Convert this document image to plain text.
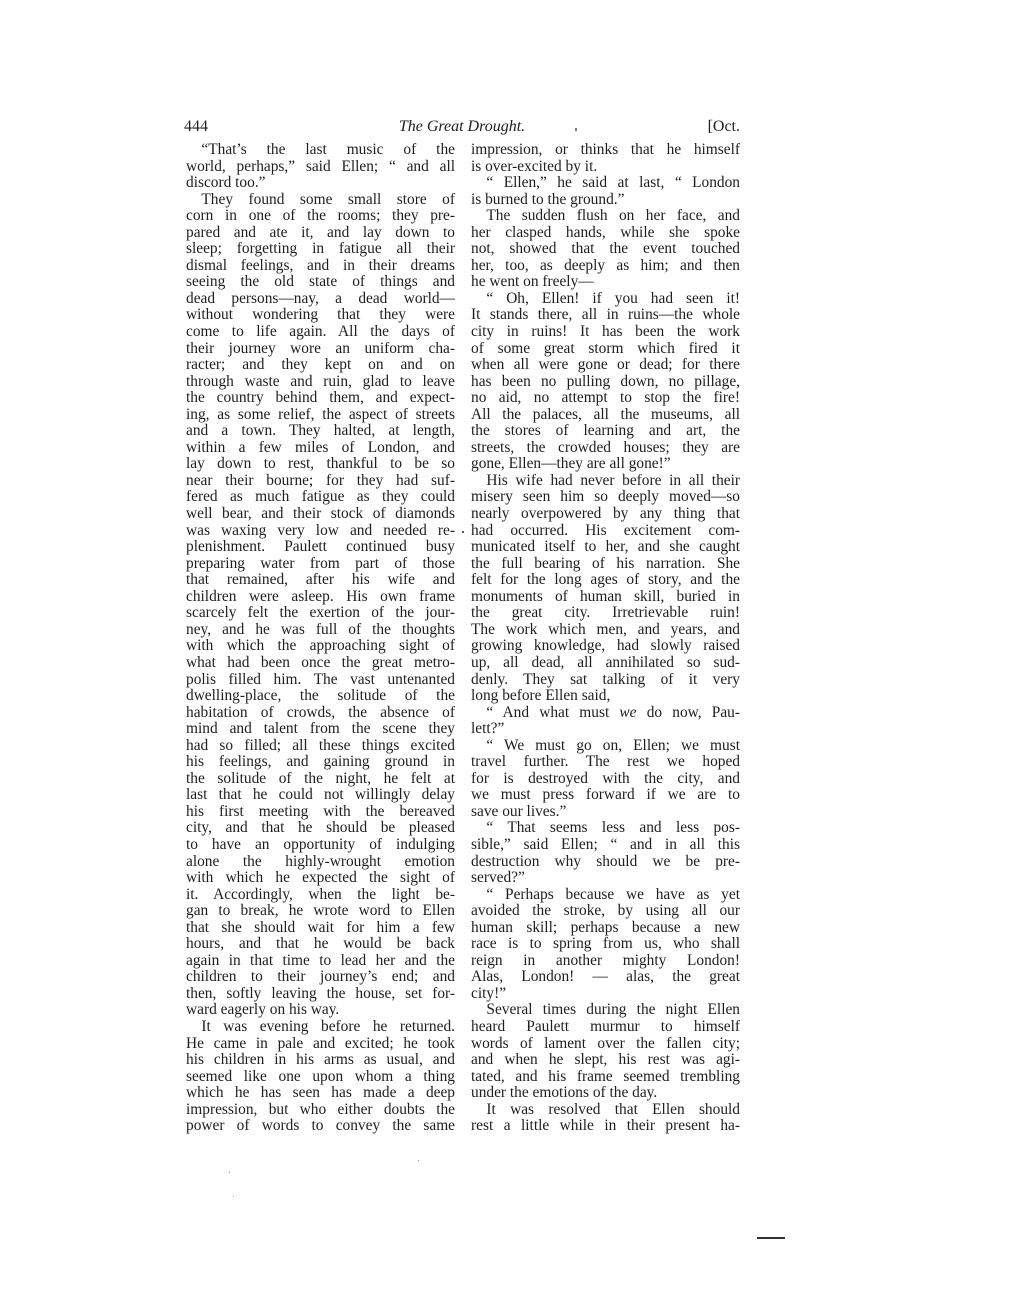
444	The Great Drought.	[Oct.
“That’s the last music of the
world, perhaps,” said Ellen; “ and all
discord too.”
They found some small store of
corn in one of the rooms; they pre-
pared and ate it, and lay down to
sleep; forgetting in fatigue all their
dismal feelings, and in their dreams
seeing the old state of things and
dead persons—nay, a dead world—
without wondering that they were
come to life again. All the days of
their journey wore an uniform cha-
racter; and they kept on and on
through waste and ruin, glad to leave
the country behind them, and expect-
ing, as some relief, the aspect of streets
and a town. They halted, at length,
within a few miles of London, and
lay down to rest, thankful to be so
near their bourne; for they had suf-
fered as much fatigue as they could
well bear, and their stock of diamonds
was waxing very low and needed re-
plenishment. Paulett continued busy
preparing water from part of those
that remained, after his wife and
children were asleep. His own frame
scarcely felt the exertion of the jour-
ney, and he was full of the thoughts
with which the approaching sight of
what had been once the great metro-
polis filled him. The vast untenanted
dwelling-place, the solitude of the
habitation of crowds, the absence of
mind and talent from the scene they
had so filled; all these things excited
his feelings, and gaining ground in
the solitude of the night, he felt at
last that he could not willingly delay
his first meeting with the bereaved
city, and that he should be pleased
to have an opportunity of indulging
alone the highly-wrought emotion
with which he expected the sight of
it. Accordingly, when the light be-
gan to break, he wrote word to Ellen
that she should wait for him a few
hours, and that he would be back
again in that time to lead her and the
children to their journey’s end; and
then, softly leaving the house, set for-
ward eagerly on his way.
It was evening before he returned.
He came in pale and excited; he took
his children in his arms as usual, and
seemed like one upon whom a thing
which he has seen has made a deep
impression, but who either doubts the
power of words to convey the same
impression, or thinks that he himself
is over-excited by it.
“ Ellen,” he said at last, “ London
is burned to the ground.”
The sudden flush on her face, and
her clasped hands, while she spoke
not, showed that the event touched
her, too, as deeply as him; and then
he went on freely—
“ Oh, Ellen! if you had seen it!
It stands there, all in ruins—the whole
city in ruins! It has been the work
of some great storm which fired it
when all were gone or dead; for there
has been no pulling down, no pillage,
no aid, no attempt to stop the fire!
All the palaces, all the museums, all
the stores of learning and art, the
streets, the crowded houses; they are
gone, Ellen—they are all gone!”
His wife had never before in all their
misery seen him so deeply moved—so
nearly overpowered by any thing that
had occurred. His excitement com-
municated itself to her, and she caught
the full bearing of his narration. She
felt for the long ages of story, and the
monuments of human skill, buried in
the great city. Irretrievable ruin!
The work which men, and years, and
growing knowledge, had slowly raised
up, all dead, all annihilated so sud-
denly. They sat talking of it very
long before Ellen said,
“ And what must we do now, Pau-
lett?”
“ We must go on, Ellen; we must
travel further. The rest we hoped
for is destroyed with the city, and
we must press forward if we are to
save our lives.”
“ That seems less and less pos-
sible,” said Ellen; “ and in all this
destruction why should we be pre-
served?”
“ Perhaps because we have as yet
avoided the stroke, by using all our
human skill; perhaps because a new
race is to spring from us, who shall
reign in another mighty London!
Alas, London! — alas, the great
city!”
Several times during the night Ellen
heard Paulett murmur to himself
words of lament over the fallen city;
and when he slept, his rest was agi-
tated, and his frame seemed trembling
under the emotions of the day.
It was resolved that Ellen should
rest a little while in their present ha-
